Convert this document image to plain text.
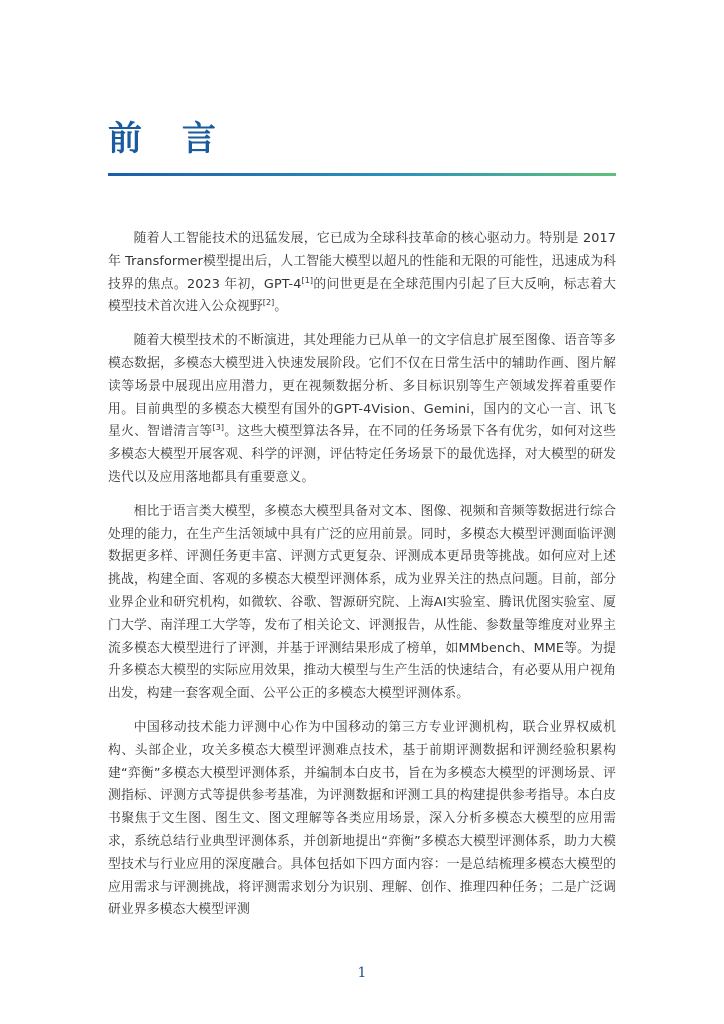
前 言

随着人工智能技术的迅猛发展，它已成为全球科技革命的核心驱动力。特别是 2017 年 Transformer模型提出后，人工智能大模型以超凡的性能和无限的可能性，迅速成为科技界的焦点。2023 年初，GPT-4[1]的问世更是在全球范围内引起了巨大反响，标志着大模型技术首次进入公众视野[2]。

随着大模型技术的不断演进，其处理能力已从单一的文字信息扩展至图像、语音等多模态数据，多模态大模型进入快速发展阶段。它们不仅在日常生活中的辅助作画、图片解读等场景中展现出应用潜力，更在视频数据分析、多目标识别等生产领域发挥着重要作用。目前典型的多模态大模型有国外的GPT-4Vision、Gemini，国内的文心一言、讯飞星火、智谱清言等[3]。这些大模型算法各异，在不同的任务场景下各有优劣，如何对这些多模态大模型开展客观、科学的评测，评估特定任务场景下的最优选择，对大模型的研发迭代以及应用落地都具有重要意义。

相比于语言类大模型，多模态大模型具备对文本、图像、视频和音频等数据进行综合处理的能力，在生产生活领域中具有广泛的应用前景。同时，多模态大模型评测面临评测数据更多样、评测任务更丰富、评测方式更复杂、评测成本更昂贵等挑战。如何应对上述挑战，构建全面、客观的多模态大模型评测体系，成为业界关注的热点问题。目前，部分业界企业和研究机构，如微软、谷歌、智源研究院、上海AI实验室、腾讯优图实验室、厦门大学、南洋理工大学等，发布了相关论文、评测报告，从性能、参数量等维度对业界主流多模态大模型进行了评测，并基于评测结果形成了榜单，如MMbench、MME等。为提升多模态大模型的实际应用效果，推动大模型与生产生活的快速结合，有必要从用户视角出发，构建一套客观全面、公平公正的多模态大模型评测体系。

中国移动技术能力评测中心作为中国移动的第三方专业评测机构，联合业界权威机构、头部企业，攻关多模态大模型评测难点技术，基于前期评测数据和评测经验积累构建“弈衡”多模态大模型评测体系，并编制本白皮书，旨在为多模态大模型的评测场景、评测指标、评测方式等提供参考基准，为评测数据和评测工具的构建提供参考指导。本白皮书聚焦于文生图、图生文、图文理解等各类应用场景，深入分析多模态大模型的应用需求，系统总结行业典型评测体系，并创新地提出“弈衡”多模态大模型评测体系，助力大模型技术与行业应用的深度融合。具体包括如下四方面内容：一是总结梳理多模态大模型的应用需求与评测挑战，将评测需求划分为识别、理解、创作、推理四种任务；二是广泛调研业界多模态大模型评测

1
